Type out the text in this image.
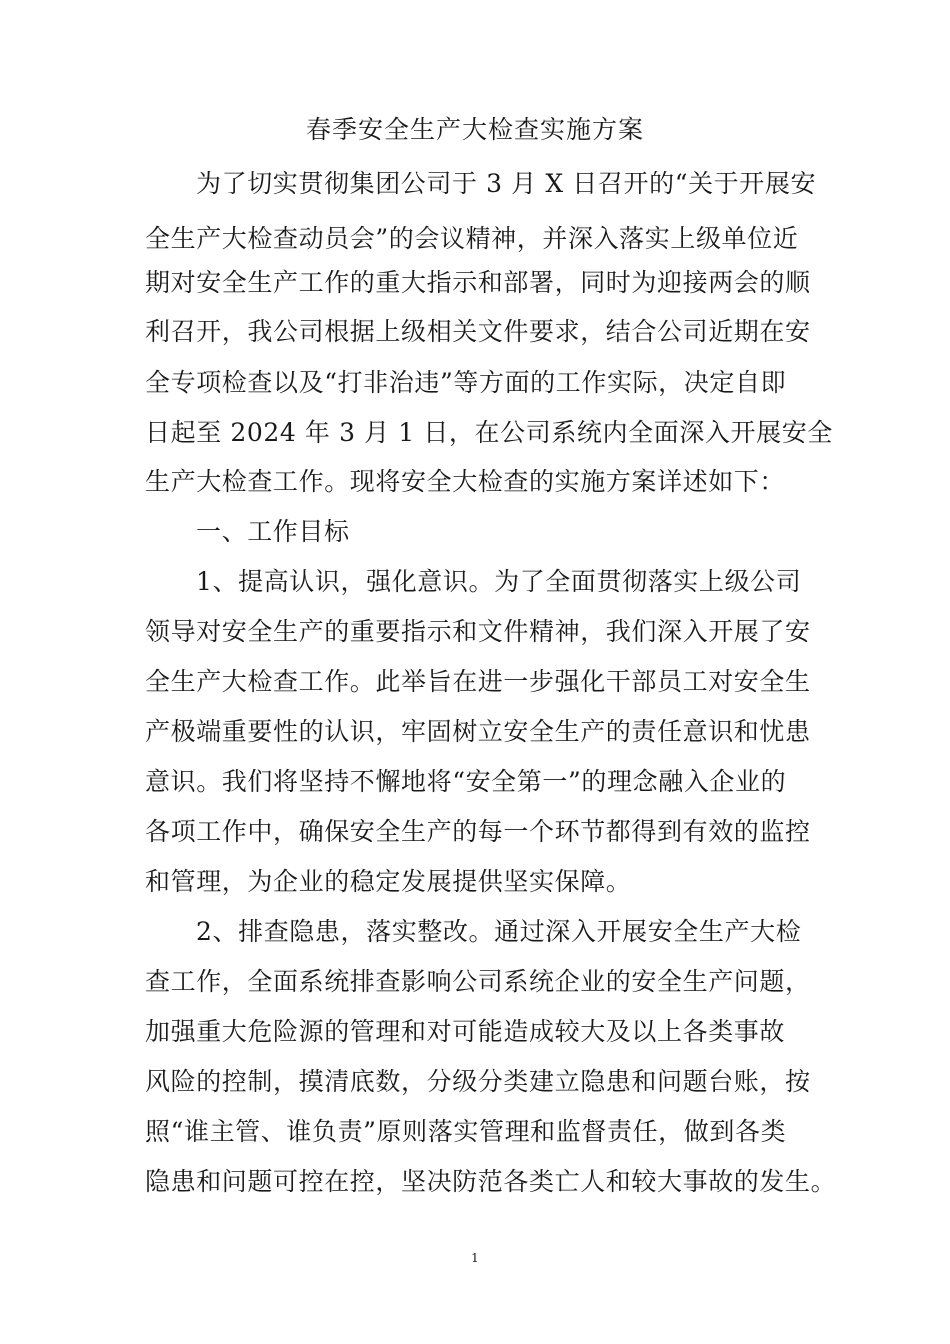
春季安全生产大检查实施方案
为了切实贯彻集团公司于 3 月 X 日召开的“关于开展安
全生产大检查动员会”的会议精神，并深入落实上级单位近
期对安全生产工作的重大指示和部署，同时为迎接两会的顺
利召开，我公司根据上级相关文件要求，结合公司近期在安
全专项检查以及“打非治违”等方面的工作实际，决定自即
日起至 2024 年 3 月 1 日，在公司系统内全面深入开展安全
生产大检查工作。现将安全大检查的实施方案详述如下：
一、工作目标
1、提高认识，强化意识。为了全面贯彻落实上级公司
领导对安全生产的重要指示和文件精神，我们深入开展了安
全生产大检查工作。此举旨在进一步强化干部员工对安全生
产极端重要性的认识，牢固树立安全生产的责任意识和忧患
意识。我们将坚持不懈地将“安全第一”的理念融入企业的
各项工作中，确保安全生产的每一个环节都得到有效的监控
和管理，为企业的稳定发展提供坚实保障。
2、排查隐患，落实整改。通过深入开展安全生产大检
查工作，全面系统排查影响公司系统企业的安全生产问题，
加强重大危险源的管理和对可能造成较大及以上各类事故
风险的控制，摸清底数，分级分类建立隐患和问题台账，按
照“谁主管、谁负责”原则落实管理和监督责任，做到各类
隐患和问题可控在控，坚决防范各类亡人和较大事故的发生。
1
